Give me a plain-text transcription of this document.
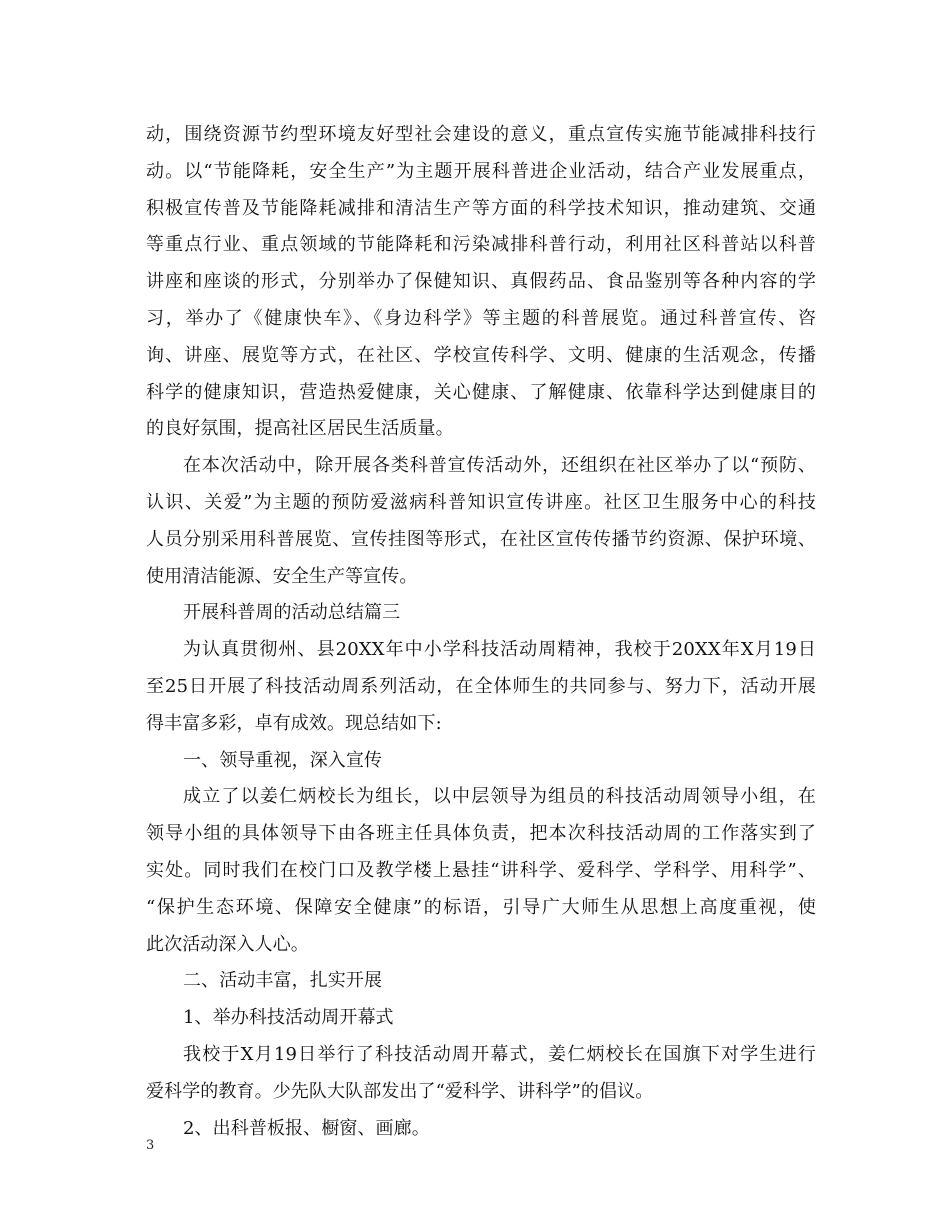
动，围绕资源节约型环境友好型社会建设的意义，重点宣传实施节能减排科技行
动。以“节能降耗，安全生产”为主题开展科普进企业活动，结合产业发展重点，
积极宣传普及节能降耗减排和清洁生产等方面的科学技术知识，推动建筑、交通
等重点行业、重点领域的节能降耗和污染减排科普行动，利用社区科普站以科普
讲座和座谈的形式，分别举办了保健知识、真假药品、食品鉴别等各种内容的学
习，举办了《健康快车》、《身边科学》等主题的科普展览。通过科普宣传、咨
询、讲座、展览等方式，在社区、学校宣传科学、文明、健康的生活观念，传播
科学的健康知识，营造热爱健康，关心健康、了解健康、依靠科学达到健康目的
的良好氛围，提高社区居民生活质量。
在本次活动中，除开展各类科普宣传活动外，还组织在社区举办了以“预防、
认识、关爱”为主题的预防爱滋病科普知识宣传讲座。社区卫生服务中心的科技
人员分别采用科普展览、宣传挂图等形式，在社区宣传传播节约资源、保护环境、
使用清洁能源、安全生产等宣传。
开展科普周的活动总结篇三
为认真贯彻州、县20XX年中小学科技活动周精神，我校于20XX年X月19日
至25日开展了科技活动周系列活动，在全体师生的共同参与、努力下，活动开展
得丰富多彩，卓有成效。现总结如下:
一、领导重视，深入宣传
成立了以姜仁炳校长为组长，以中层领导为组员的科技活动周领导小组，在
领导小组的具体领导下由各班主任具体负责，把本次科技活动周的工作落实到了
实处。同时我们在校门口及教学楼上悬挂“讲科学、爱科学、学科学、用科学”、
“保护生态环境、保障安全健康”的标语，引导广大师生从思想上高度重视，使
此次活动深入人心。
二、活动丰富，扎实开展
1、举办科技活动周开幕式
我校于X月19日举行了科技活动周开幕式，姜仁炳校长在国旗下对学生进行
爱科学的教育。少先队大队部发出了“爱科学、讲科学”的倡议。
2、出科普板报、橱窗、画廊。
3
